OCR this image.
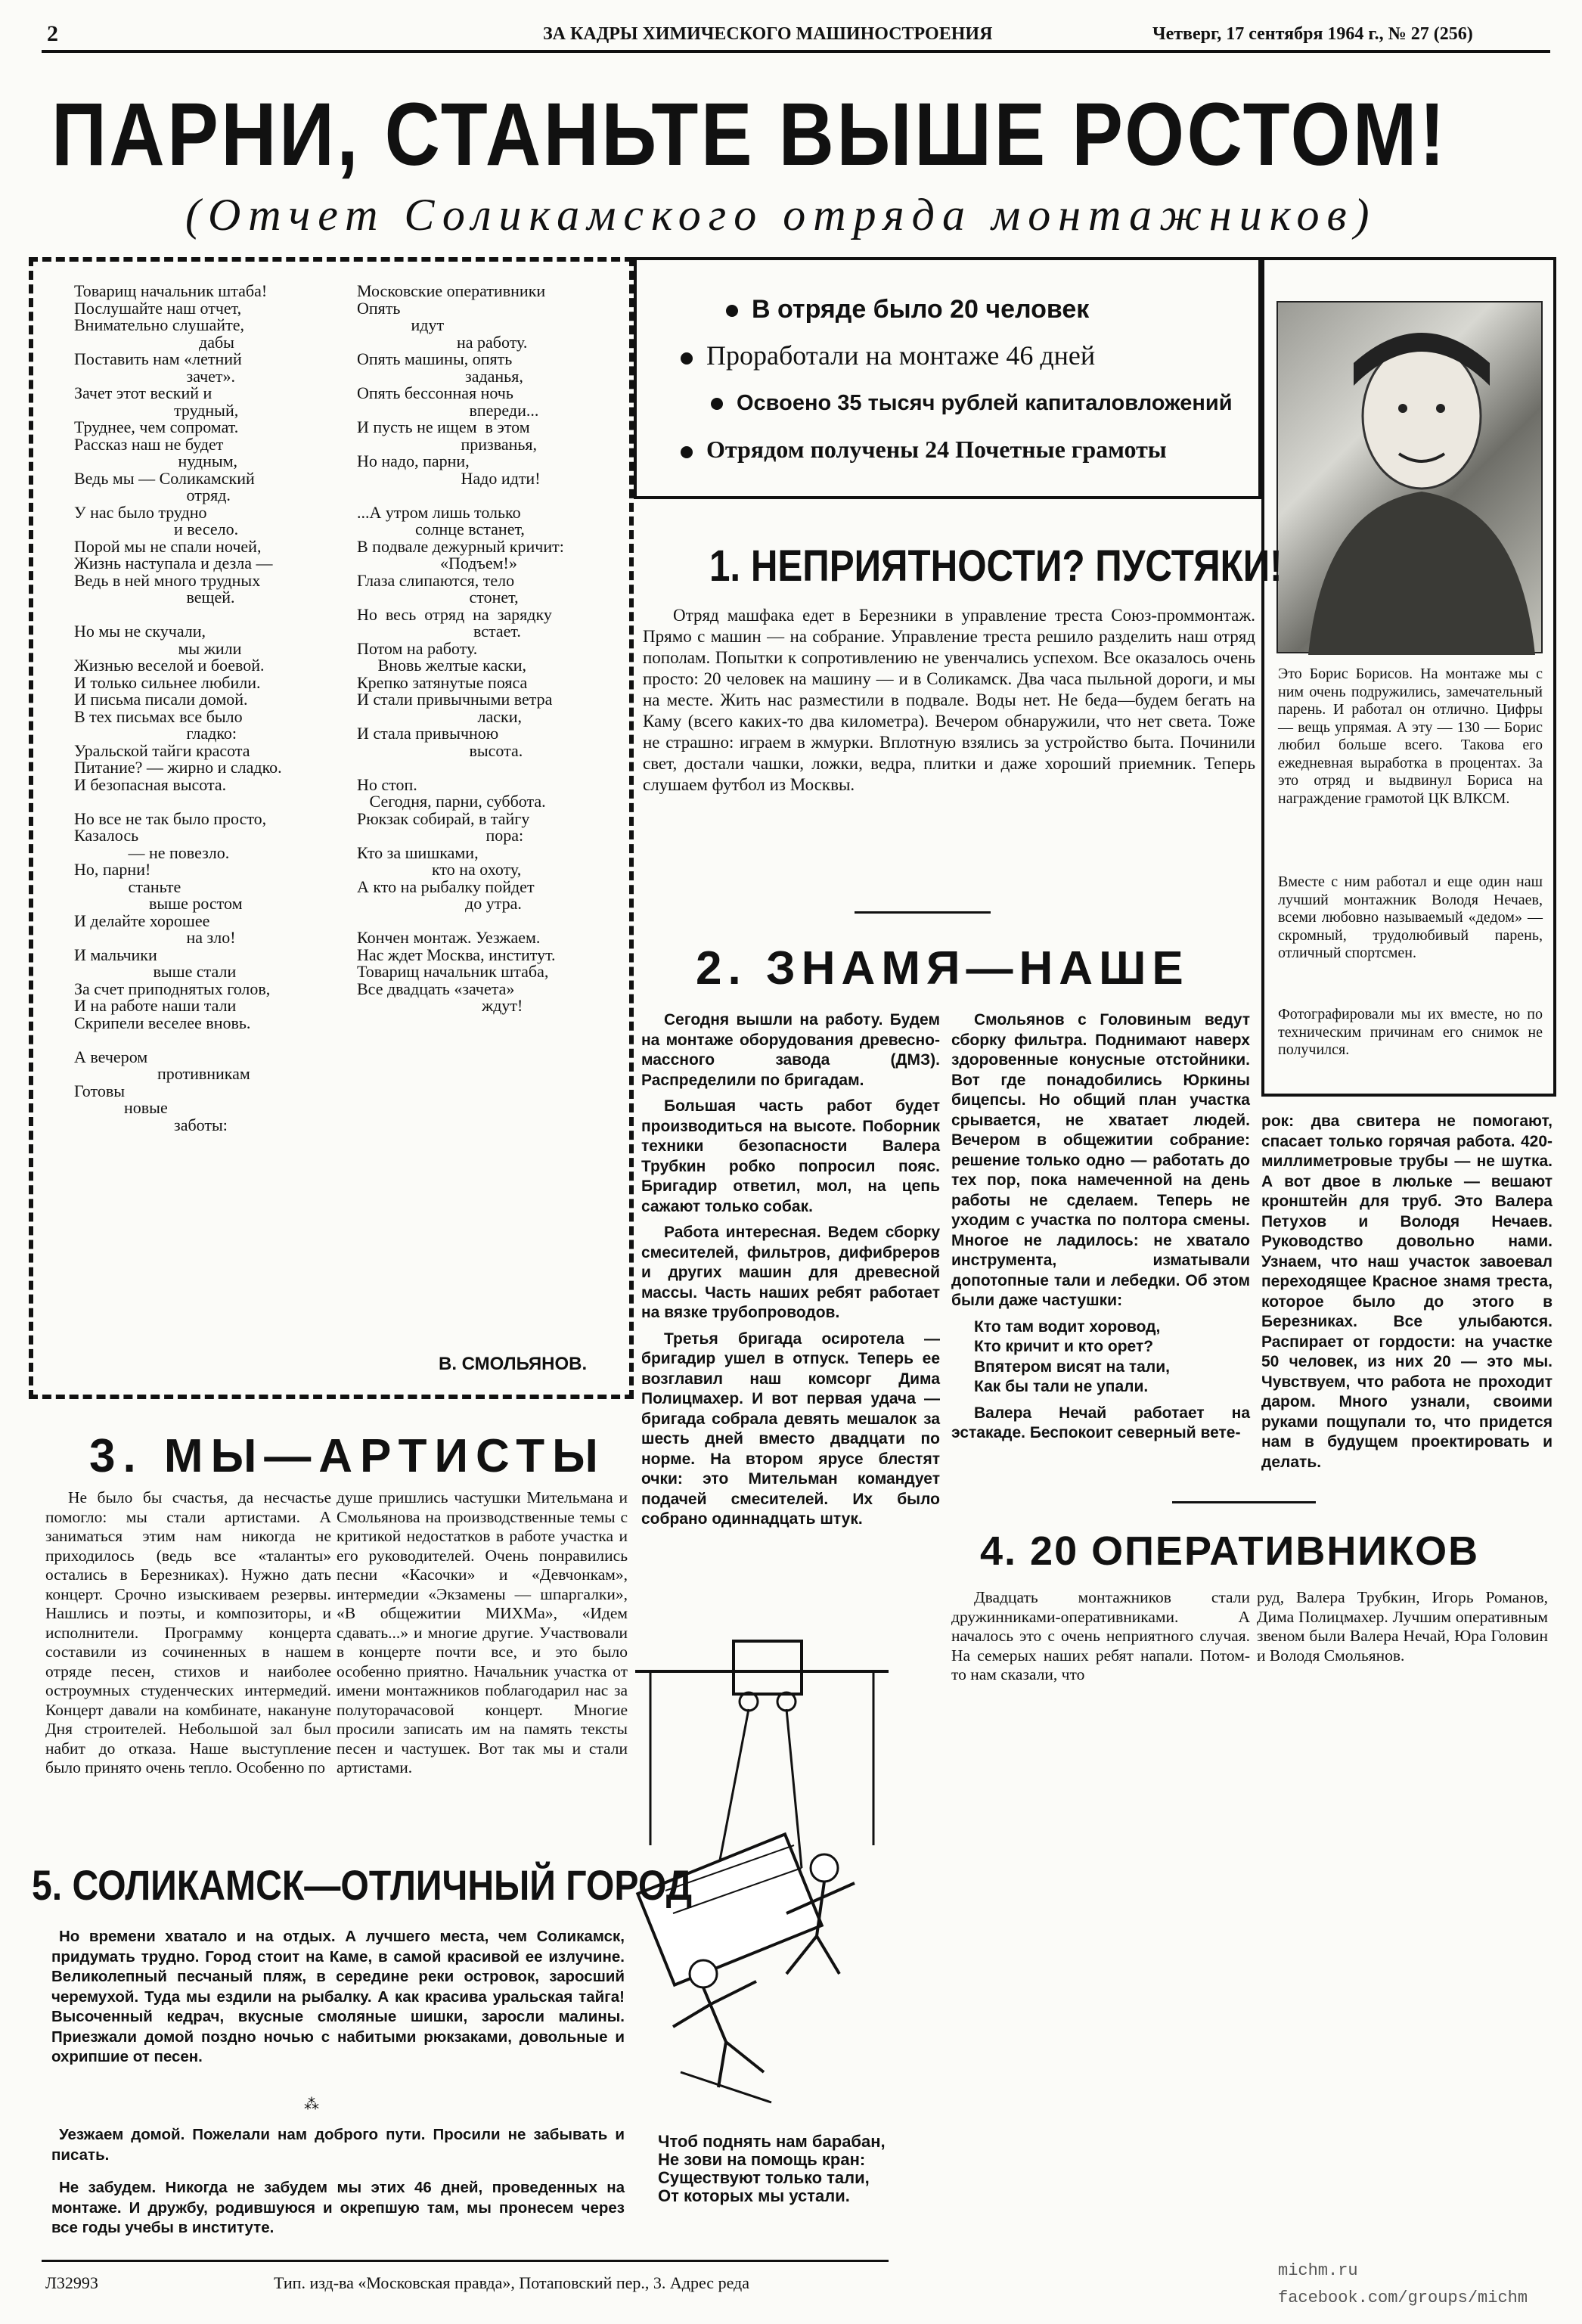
2	ЗА КАДРЫ ХИМИЧЕСКОГО МАШИНОСТРОЕНИЯ	Четверг, 17 сентября 1964 г., № 27 (256)
ПАРНИ, СТАНЬТЕ ВЫШЕ РОСТОМ!
(Отчет Соликамского отряда монтажников)

Товарищ начальник штаба!

Послушайте наш отчет,

Внимательно слушайте,

дабы

Поставить нам «летний

зачет».

Зачет этот веский и

трудный,

Труднее, чем сопромат.

Рассказ наш не будет

нудным,

Ведь мы — Соликамский

отряд.

У нас было трудно

и весело.

Порой мы не спали ночей,

Жизнь наступала и дезла —

Ведь в ней много трудных

вещей.

Но мы не скучали,

мы жили

Жизнью веселой и боевой.

И только сильнее любили.

И письма писали домой.

В тех письмах все было

гладко:

Уральской тайги красота

Питание? — жирно и сладко.

И безопасная высота.

Но все не так было просто,

Казалось

— не повезло.

Но, парни!

станьте

выше ростом

И делайте хорошее

на зло!

И мальчики

выше стали

За счет приподнятых голов,

И на работе наши тали

Скрипели веселее вновь.

А вечером

противникам

Готовы

новые

заботы:

Московские оперативники

Опять

идут

на работу.

Опять машины, опять

заданья,

Опять бессонная ночь

впереди...

И пусть не ищем  в этом

призванья,

Но надо, парни,

Надо идти!

...А утром лишь только

солнце встанет,

В подвале дежурный кричит:

«Подъем!»

Глаза слипаются, тело

стонет,

Но  весь  отряд  на  зарядку

встает.

Потом на работу.

Вновь желтые каски,

Крепко затянутые пояса

И стали привычными ветра

ласки,

И стала привычною

высота.

Но стоп.

Сегодня, парни, суббота.

Рюкзак собирай, в тайгу

пора:

Кто за шишками,

кто на охоту,

А кто на рыбалку пойдет

до утра.

Кончен монтаж. Уезжаем.

Нас ждет Москва, институт.

Товарищ начальник штаба,

Все двадцать «зачета»

ждут!

В. СМОЛЬЯНОВ.

В отряде было 20 человек

Проработали на монтаже 46 дней

Освоено 35 тысяч рублей капиталовложений

Отрядом получены 24 Почетные грамоты

Это Борис Борисов. На монтаже мы с ним очень подружились, замечательный парень. И работал он отлично. Цифры — вещь упрямая. А эту — 130 — Борис любил больше всего. Такова его ежедневная выработка в процентах. За это отряд и выдвинул Бориса на награждение грамотой ЦК ВЛКСМ.
Вместе с ним работал и еще один наш лучший монтажник Володя Нечаев, всеми любовно называемый «дедом» — скромный, трудолюбивый парень, отличный спортсмен.
Фотографировали мы их вместе, но по техническим причинам его снимок не получился.
1. НЕПРИЯТНОСТИ? ПУСТЯКИ!
Отряд машфака едет в Березники в управление треста Союз-проммонтаж. Прямо с машин — на собрание. Управление треста решило разделить наш отряд пополам. Попытки к сопротивлению не увенчались успехом. Все оказалось очень просто: 20 человек на машину — и в Соликамск. Два часа пыльной дороги, и мы на месте. Жить нас разместили в подвале. Воды нет. Не беда—будем бегать на Каму (всего каких-то два километра). Вечером обнаружили, что нет света. Тоже не страшно: играем в жмурки. Вплотную взялись за устройство быта. Починили свет, достали чашки, ложки, ведра, плитки и даже хороший приемник. Теперь слушаем футбол из Москвы.
2. ЗНАМЯ—НАШЕ

Сегодня вышли на работу. Будем на монтаже оборудования древесно-массного завода (ДМЗ). Распределили по бригадам.

Большая часть работ будет производиться на высоте. Поборник техники безопасности Валера Трубкин робко попросил пояс. Бригадир ответил, мол, на цепь сажают только собак.

Работа интересная. Ведем сборку смесителей, фильтров, дифибреров и других машин для древесной массы. Часть наших ребят работает на вязке трубопроводов.

Третья бригада осиротела — бригадир ушел в отпуск. Теперь ее возглавил наш комсорг Дима Полицмахер. И вот первая удача — бригада собрала девять мешалок за шесть дней вместо двадцати по норме. На втором ярусе блестят очки: это Мительман командует подачей смесителей. Их было собрано одиннадцать штук.

Смольянов с Головиным ведут сборку фильтра. Поднимают наверх здоровенные конусные отстойники. Вот где понадобились Юркины бицепсы. Но общий план участка срывается, не хватает людей. Вечером в общежитии собрание: решение только одно — работать до тех пор, пока намеченной на день работы не сделаем. Теперь не уходим с участка по полтора смены. Многое не ладилось: не хватало инструмента, изматывали допотопные тали и лебедки. Об этом были даже частушки:

Кто там водит хоровод,

Кто кричит и кто орет?

Впятером висят на тали,

Как бы тали не упали.

Валера Нечай работает на эстакаде. Беспокоит северный вете-

рок: два свитера не помогают, спасает только горячая работа. 420-миллиметровые трубы — не шутка. А вот двое в люльке — вешают кронштейн для труб. Это Валера Петухов и Володя Нечаев. Руководство довольно нами. Узнаем, что наш участок завоевал переходящее Красное знамя треста, которое было до этого в Березниках. Все улыбаются. Распирает от гордости: на участке 50 человек, из них 20 — это мы. Чувствуем, что работа не проходит даром. Много узнали, своими руками пощупали то, что придется нам в будущем проектировать и делать.
3. МЫ—АРТИСТЫ
Не было бы счастья, да несчастье помогло: мы стали артистами. А заниматься этим нам никогда не приходилось (ведь все «таланты» остались в Березниках). Нужно дать концерт. Срочно изыскиваем резервы. Нашлись и поэты, и композиторы, и исполнители. Программу концерта составили из сочиненных в нашем отряде песен, стихов и наиболее остроумных студенческих интермедий. Концерт давали на комбинате, накануне Дня строителей. Небольшой зал был набит до отказа. Наше выступление было принято очень тепло. Особенно по
душе пришлись частушки Мительмана и Смольянова на производственные темы с критикой недостатков в работе участка и его руководителей. Очень понравились песни «Касочки» и «Девчонкам», интермедии «Экзамены — шпаргалки», «В общежитии МИХМа», «Идем сдавать...» и многие другие. Участвовали в концерте почти все, и это было особенно приятно. Начальник участка от имени монтажников поблагодарил нас за полуторачасовой концерт. Многие просили записать им на память тексты песен и частушек. Вот так мы и стали артистами.

Чтоб поднять нам барабан,

Не зови на помощь кран:

Существуют только тали,

От которых мы устали.

4. 20 ОПЕРАТИВНИКОВ
Двадцать монтажников стали дружинниками-оперативниками. А началось это с очень неприятного случая. На семерых наших ребят напали. Потом-то нам сказали, что
руд, Валера Трубкин, Игорь Романов, Дима Полицмахер. Лучшим оперативным звеном были Валера Нечай, Юра Головин и Володя Смольянов.
5. СОЛИКАМСК—ОТЛИЧНЫЙ ГОРОД
Но времени хватало и на отдых. А лучшего места, чем Соликамск, придумать трудно. Город стоит на Каме, в самой красивой ее излучине. Великолепный песчаный пляж, в середине реки островок, заросший черемухой. Туда мы ездили на рыбалку. А как красива уральская тайга! Высоченный кедрач, вкусные смоляные шишки, заросли малины. Приезжали домой поздно ночью с набитыми рюкзаками, довольные и охрипшие от песен.
⁂
Уезжаем домой. Пожелали нам доброго пути. Просили не забывать и писать.
Не забудем. Никогда не забудем мы этих 46 дней, проведенных на монтаже. И дружбу, родившуюся и окрепшую там, мы пронесем через все годы учебы в институте.
Л32993	Тип. изд-ва «Московская правда», Потаповский пер., 3. Адрес реда
michm.ru
facebook.com/groups/michm
